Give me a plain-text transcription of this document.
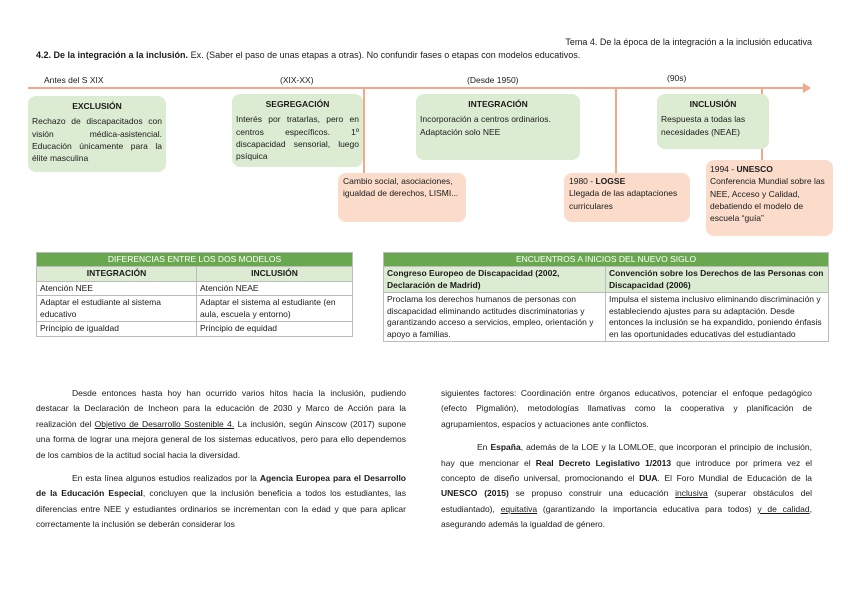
Tema 4. De la época de la integración a la inclusión educativa
4.2. De la integración a la inclusión. Ex. (Saber el paso de unas etapas a otras). No confundir fases o etapas con modelos educativos.
Antes del S XIX	(XIX-XX)	(Desde 1950)	(90s)
EXCLUSIÓN
Rechazo de discapacitados con visión médica-asistencial. Educación únicamente para la élite masculina
SEGREGACIÓN
Interés por tratarlas, pero en centros específicos. 1º discapacidad sensorial, luego psíquica
INTEGRACIÓN
Incorporación a centros ordinarios. Adaptación solo NEE
INCLUSIÓN
Respuesta a todas las necesidades (NEAE)
Cambio social, asociaciones, igualdad de derechos, LISMI...
1980 - LOGSE
Llegada de las adaptaciones curriculares
1994 - UNESCO
Conferencia Mundial sobre las NEE, Acceso y Calidad, debatiendo el modelo de escuela “guía”
DIFERENCIAS ENTRE LOS DOS MODELOS	
INTEGRACIÓN	INCLUSIÓN
Atención NEE	Atención NEAE
Adaptar el estudiante al sistema educativo	Adaptar el sistema al estudiante (en aula, escuela y entorno)
Principio de igualdad	Principio de equidad
ENCUENTROS A INICIOS DEL NUEVO SIGLO	
Congreso Europeo de Discapacidad (2002, Declaración de Madrid)	Convención sobre los Derechos de las Personas con Discapacidad (2006)
Proclama los derechos humanos de personas con discapacidad eliminando actitudes discriminatorias y garantizando acceso a servicios, empleo, orientación y apoyo a familias.	Impulsa el sistema inclusivo eliminando discriminación y estableciendo ajustes para su adaptación. Desde entonces la inclusión se ha expandido, poniendo énfasis en las oportunidades educativas del estudiantado

Desde entonces hasta hoy han ocurrido varios hitos hacia la inclusión, pudiendo destacar la Declaración de Incheon para la educación de 2030 y Marco de Acción para la realización del Objetivo de Desarrollo Sostenible 4. La inclusión, según Ainscow (2017) supone una forma de lograr una mejora general de los sistemas educativos, pero para ello dependemos de los cambios de la actitud social hacia la diversidad.

En esta línea algunos estudios realizados por la Agencia Europea para el Desarrollo de la Educación Especial, concluyen que la inclusión beneficia a todos los estudiantes, las diferencias entre NEE y estudiantes ordinarios se incrementan con la edad y que para aplicar correctamente la inclusión se deberán considerar los

siguientes factores: Coordinación entre órganos educativos, potenciar el enfoque pedagógico (efecto Pigmalión), metodologías llamativas como la cooperativa y planificación de agrupamientos, espacios y actuaciones ante conflictos.

En España, además de la LOE y la LOMLOE, que incorporan el principio de inclusión, hay que mencionar el Real Decreto Legislativo 1/2013 que introduce por primera vez el concepto de diseño universal, promocionando el DUA. El Foro Mundial de Educación de la UNESCO (2015) se propuso construir una educación inclusiva (superar obstáculos del estudiantado), equitativa (garantizando la importancia educativa para todos) y de calidad, asegurando además la igualdad de género.
